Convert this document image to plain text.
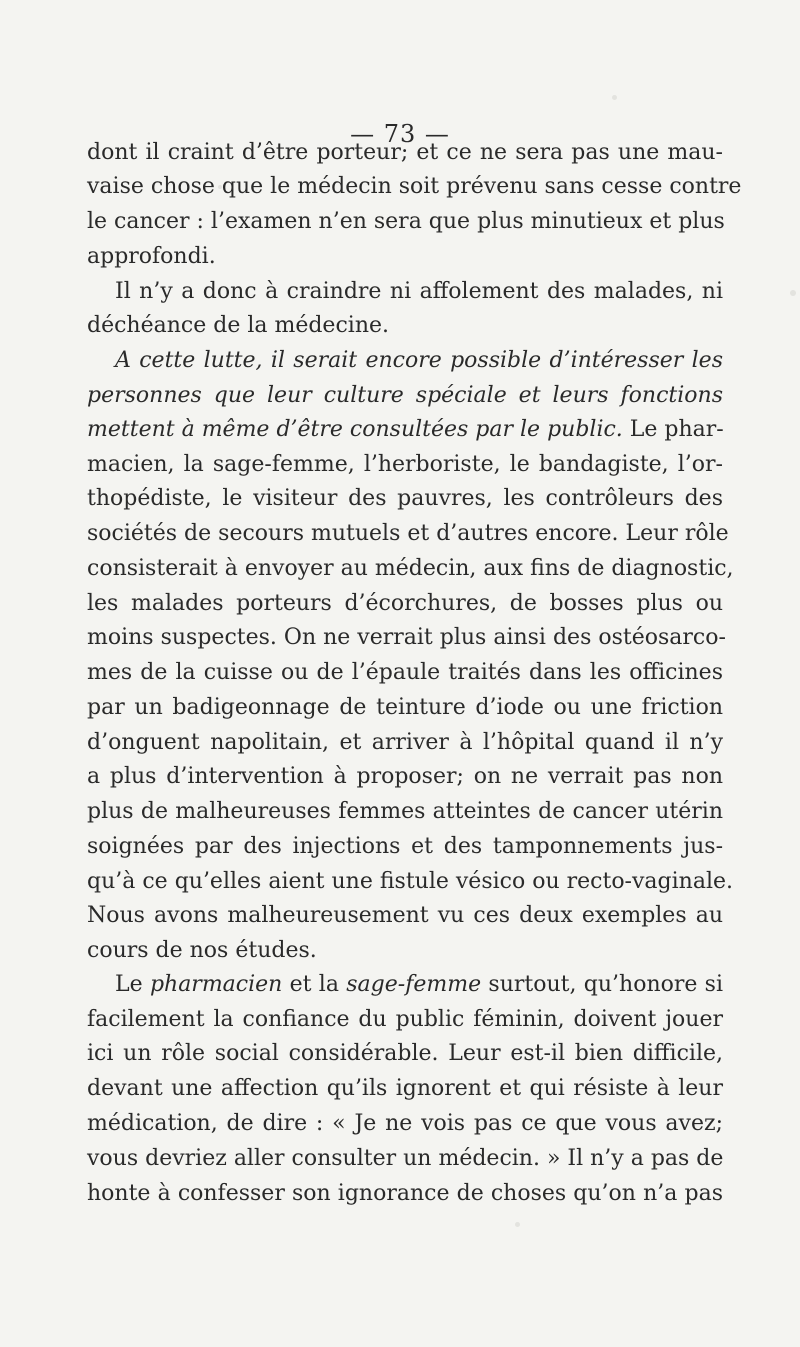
— 73 —
dont il craint d’être porteur; et ce ne sera pas une mau-
vaise chose que le médecin soit prévenu sans cesse contre
le cancer : l’examen n’en sera que plus minutieux et plus
approfondi.
Il n’y a donc à craindre ni affolement des malades, ni
déchéance de la médecine.
A cette lutte, il serait encore possible d’intéresser les
personnes que leur culture spéciale et leurs fonctions
mettent à même d’être consultées par le public. Le phar-
macien, la sage-femme, l’herboriste, le bandagiste, l’or-
thopédiste, le visiteur des pauvres, les contrôleurs des
sociétés de secours mutuels et d’autres encore. Leur rôle
consisterait à envoyer au médecin, aux fins de diagnostic,
les malades porteurs d’écorchures, de bosses plus ou
moins suspectes. On ne verrait plus ainsi des ostéosarco-
mes de la cuisse ou de l’épaule traités dans les officines
par un badigeonnage de teinture d’iode ou une friction
d’onguent napolitain, et arriver à l’hôpital quand il n’y
a plus d’intervention à proposer; on ne verrait pas non
plus de malheureuses femmes atteintes de cancer utérin
soignées par des injections et des tamponnements jus-
qu’à ce qu’elles aient une fistule vésico ou recto-vaginale.
Nous avons malheureusement vu ces deux exemples au
cours de nos études.
Le pharmacien et la sage-femme surtout, qu’honore si
facilement la confiance du public féminin, doivent jouer
ici un rôle social considérable. Leur est-il bien difficile,
devant une affection qu’ils ignorent et qui résiste à leur
médication, de dire : « Je ne vois pas ce que vous avez;
vous devriez aller consulter un médecin. » Il n’y a pas de
honte à confesser son ignorance de choses qu’on n’a pas
